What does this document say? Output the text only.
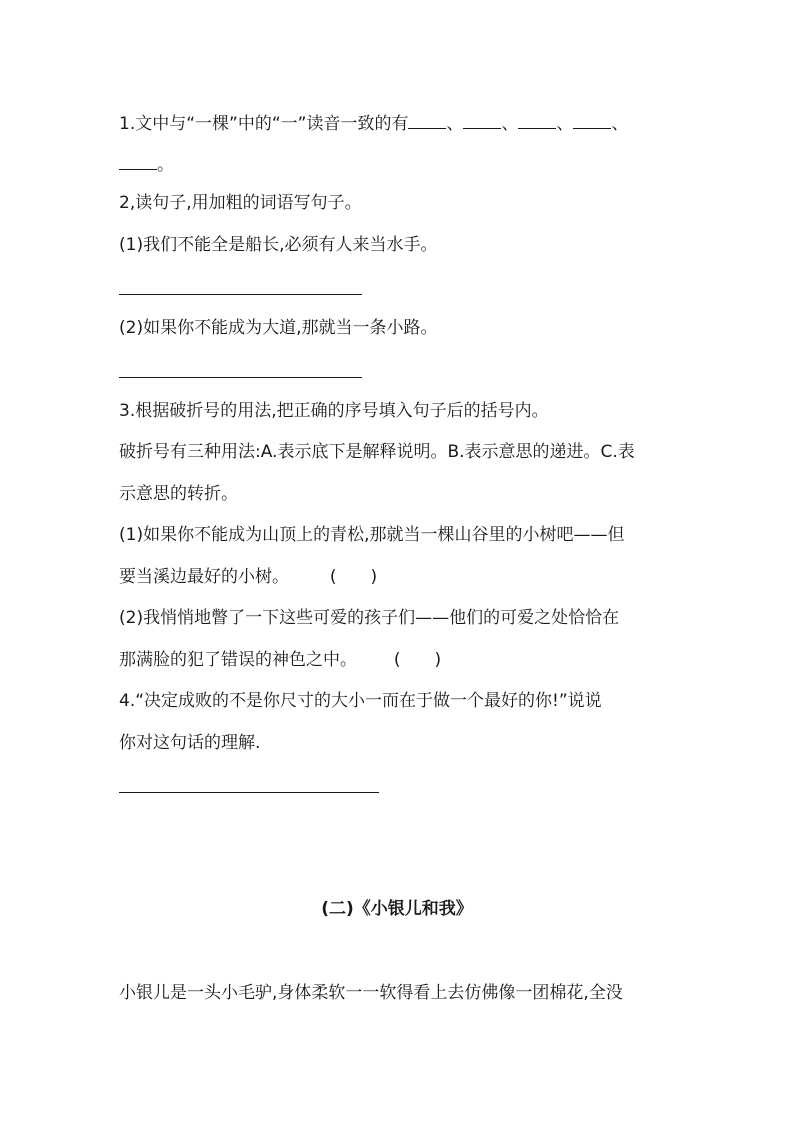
1.文中与“一棵”中的“一”读音一致的有 、 、 、 、
。
2,读句子,用加粗的词语写句子。
(1)我们不能全是船长,必须有人来当水手。
(2)如果你不能成为大道,那就当一条小路。
3.根据破折号的用法,把正确的序号填入句子后的括号内。
破折号有三种用法:A.表示底下是解释说明。B.表示意思的递进。C.表
示意思的转折。
(1)如果你不能成为山顶上的青松,那就当一棵山谷里的小树吧——但
要当溪边最好的小树。 (　　)
(2)我悄悄地瞥了一下这些可爱的孩子们——他们的可爱之处恰恰在
那满脸的犯了错误的神色之中。 (　　)
4.“决定成败的不是你尺寸的大小一而在于做一个最好的你!”说说
你对这句话的理解.
(二)《小银儿和我》
小银儿是一头小毛驴,身体柔软一一软得看上去仿佛像一团棉花,全没
